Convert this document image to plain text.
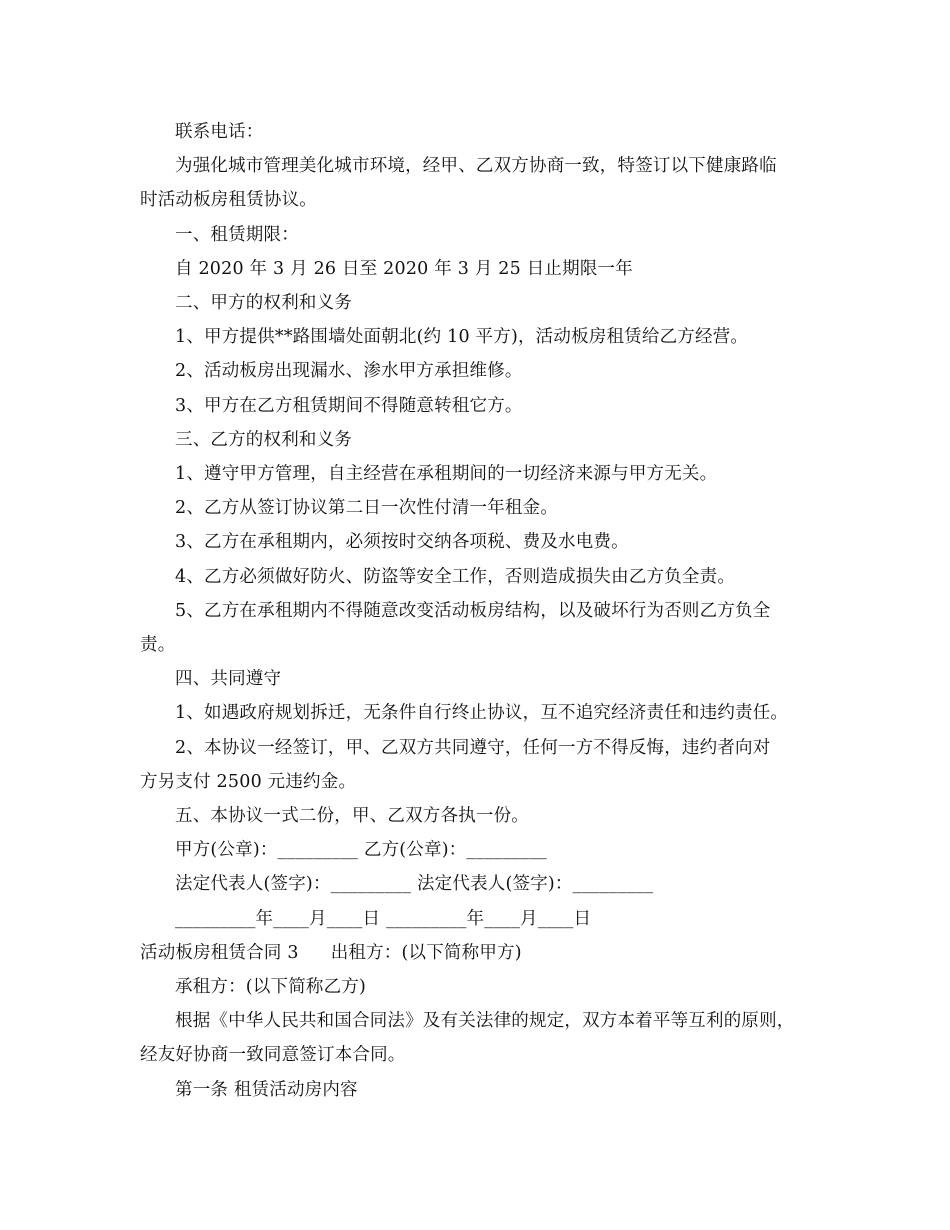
联系电话：
为强化城市管理美化城市环境，经甲、乙双方协商一致，特签订以下健康路临
时活动板房租赁协议。
一、租赁期限：
自 2020 年 3 月 26 日至 2020 年 3 月 25 日止期限一年
二、甲方的权利和义务
1、甲方提供**路围墙处面朝北(约 10 平方)，活动板房租赁给乙方经营。
2、活动板房出现漏水、渗水甲方承担维修。
3、甲方在乙方租赁期间不得随意转租它方。
三、乙方的权利和义务
1、遵守甲方管理，自主经营在承租期间的一切经济来源与甲方无关。
2、乙方从签订协议第二日一次性付清一年租金。
3、乙方在承租期内，必须按时交纳各项税、费及水电费。
4、乙方必须做好防火、防盗等安全工作，否则造成损失由乙方负全责。
5、乙方在承租期内不得随意改变活动板房结构，以及破坏行为否则乙方负全
责。
四、共同遵守
1、如遇政府规划拆迁，无条件自行终止协议，互不追究经济责任和违约责任。
2、本协议一经签订，甲、乙双方共同遵守，任何一方不得反悔，违约者向对
方另支付 2500 元违约金。
五、本协议一式二份，甲、乙双方各执一份。
甲方(公章)：_________ 乙方(公章)：_________
法定代表人(签字)：_________ 法定代表人(签字)：_________
_________年____月____日 _________年____月____日
活动板房租赁合同 3 出租方：(以下简称甲方)
承租方：(以下简称乙方)
根据《中华人民共和国合同法》及有关法律的规定，双方本着平等互利的原则，
经友好协商一致同意签订本合同。
第一条 租赁活动房内容
